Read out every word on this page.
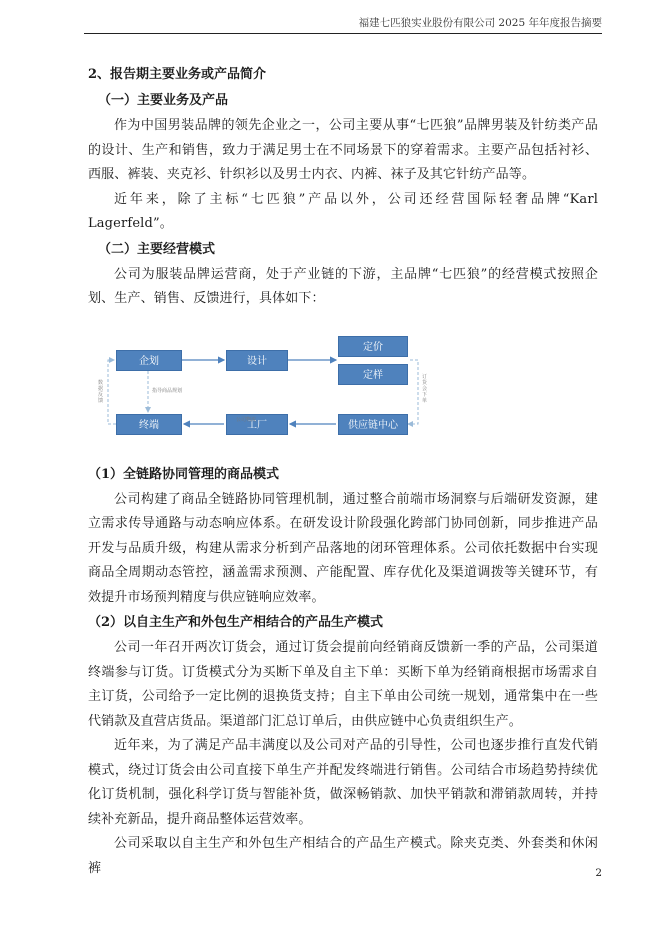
福建七匹狼实业股份有限公司 2025 年年度报告摘要

2、报告期主要业务或产品简介

（一）主要业务及产品

作为中国男装品牌的领先企业之一，公司主要从事“七匹狼”品牌男装及针纺类产品的设计、生产和销售，致力于满足男士在不同场景下的穿着需求。主要产品包括衬衫、西服、裤装、夹克衫、针织衫以及男士内衣、内裤、袜子及其它针纺产品等。

近年来，除了主标“七匹狼”产品以外，公司还经营国际轻奢品牌“Karl Lagerfeld”。

（二）主要经营模式

公司为服装品牌运营商，处于产业链的下游，主品牌“七匹狼”的经营模式按照企划、生产、销售、反馈进行，具体如下：

企划	设计
定价
定样
终端	工厂	供应链中心
数据反馈
指导商品规划
公司物流
订货会下单

（1）全链路协同管理的商品模式

公司构建了商品全链路协同管理机制，通过整合前端市场洞察与后端研发资源，建立需求传导通路与动态响应体系。在研发设计阶段强化跨部门协同创新，同步推进产品开发与品质升级，构建从需求分析到产品落地的闭环管理体系。公司依托数据中台实现商品全周期动态管控，涵盖需求预测、产能配置、库存优化及渠道调拨等关键环节，有效提升市场预判精度与供应链响应效率。

（2）以自主生产和外包生产相结合的产品生产模式

公司一年召开两次订货会，通过订货会提前向经销商反馈新一季的产品，公司渠道终端参与订货。订货模式分为买断下单及自主下单：买断下单为经销商根据市场需求自主订货，公司给予一定比例的退换货支持；自主下单由公司统一规划，通常集中在一些代销款及直营店货品。渠道部门汇总订单后，由供应链中心负责组织生产。

近年来，为了满足产品丰满度以及公司对产品的引导性，公司也逐步推行直发代销模式，绕过订货会由公司直接下单生产并配发终端进行销售。公司结合市场趋势持续优化订货机制，强化科学订货与智能补货，做深畅销款、加快平销款和滞销款周转，并持续补充新品，提升商品整体运营效率。

公司采取以自主生产和外包生产相结合的产品生产模式。除夹克类、外套类和休闲裤	2
